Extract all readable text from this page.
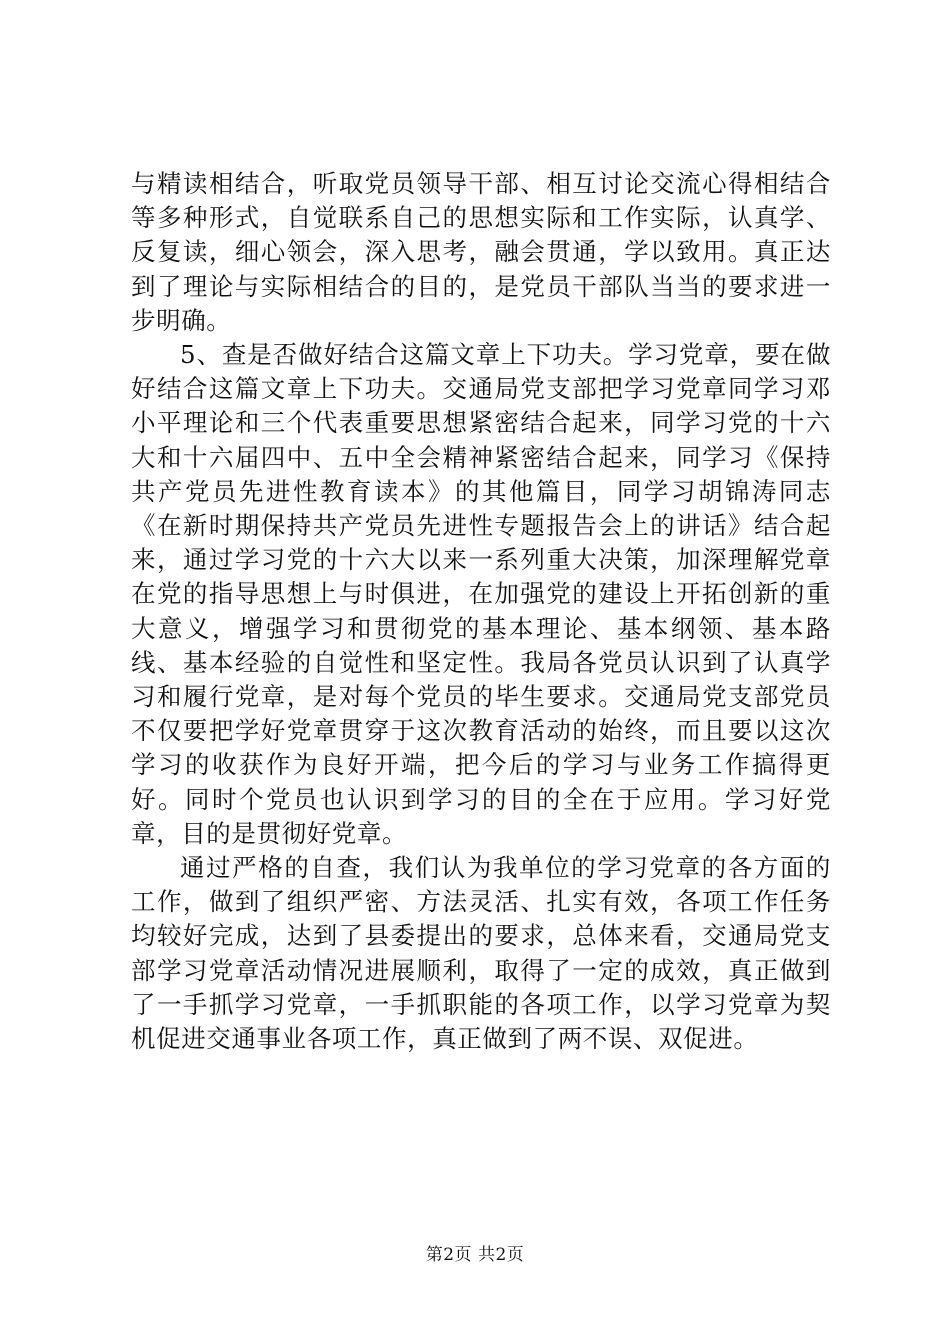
与精读相结合，听取党员领导干部、相互讨论交流心得相结合等多种形式，自觉联系自己的思想实际和工作实际，认真学、反复读，细心领会，深入思考，融会贯通，学以致用。真正达到了理论与实际相结合的目的，是党员干部队当当的要求进一步明确。

5、查是否做好结合这篇文章上下功夫。学习党章，要在做好结合这篇文章上下功夫。交通局党支部把学习党章同学习邓小平理论和三个代表重要思想紧密结合起来，同学习党的十六大和十六届四中、五中全会精神紧密结合起来，同学习《保持共产党员先进性教育读本》的其他篇目，同学习胡锦涛同志《在新时期保持共产党员先进性专题报告会上的讲话》结合起来，通过学习党的十六大以来一系列重大决策，加深理解党章在党的指导思想上与时俱进，在加强党的建设上开拓创新的重大意义，增强学习和贯彻党的基本理论、基本纲领、基本路线、基本经验的自觉性和坚定性。我局各党员认识到了认真学习和履行党章，是对每个党员的毕生要求。交通局党支部党员不仅要把学好党章贯穿于这次教育活动的始终，而且要以这次学习的收获作为良好开端，把今后的学习与业务工作搞得更好。同时个党员也认识到学习的目的全在于应用。学习好党章，目的是贯彻好党章。

通过严格的自查，我们认为我单位的学习党章的各方面的工作，做到了组织严密、方法灵活、扎实有效，各项工作任务均较好完成，达到了县委提出的要求，总体来看，交通局党支部学习党章活动情况进展顺利，取得了一定的成效，真正做到了一手抓学习党章，一手抓职能的各项工作，以学习党章为契机促进交通事业各项工作，真正做到了两不误、双促进。

第2页 共2页
